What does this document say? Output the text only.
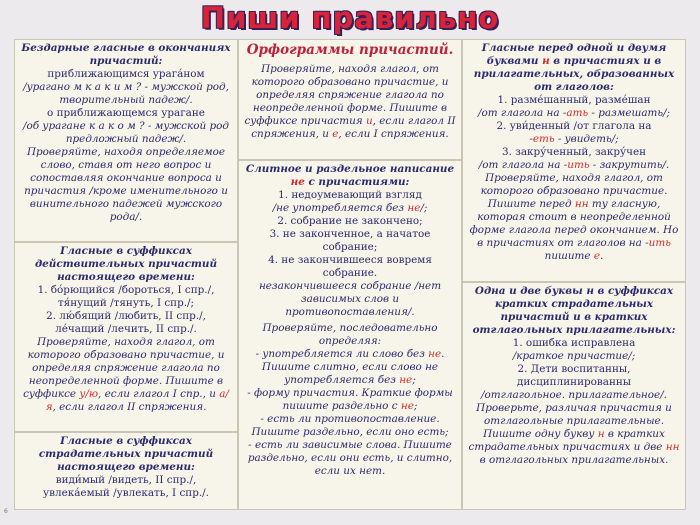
Пиши правильно

Бездарные гласные в окончаниях причастий:

приближающимся урага́ном

/урагано м к а к и м ? - мужской род, творительный падеж/.

о приближающемся урагане

/об урагане к а к о м ? - мужской род предложный падеж/.

Проверяйте, находя определяемое слово, ставя от него вопрос и сопоставляя окончание вопроса и причастия /кроме именительного и винительного падежей мужского рода/.

Гласные в суффиксах действительных причастий настоящего времени:

1. бо́рющийся /бороться, I спр./,

тя́нущий /тянуть, I спр./;

2. лю́бящий /любить, II спр./,

ле́чащий /лечить, II спр./.

Проверяйте, находя глагол, от которого образовано причастие, и определяя спряжение глагола по неопределенной форме. Пишите в суффиксе у/ю, если глагол I спр., и а/я, если глагол II спряжения.

Гласные в суффиксах страдательных причастий настоящего времени:

види́мый /видеть, II спр./,

увлека́емый /увлекать, I спр./.

Орфограммы причастий.

Проверяйте, находя глагол, от которого образовано причастие, и определяя спряжение глагола по неопределенной форме. Пишите в суффиксе причастия и, если глагол II спряжения, и е, если I спряжения.

Слитное и раздельное написание не с причастиями:

1. недоумевающий взгляд

/не употребляется без не/;

2. собрание не закончено;

3. не законченное, а начатое собрание;

4. не закончившееся вовремя собрание.

незакончившееся собрание /нет зависимых слов и противопоставления/.

Проверяйте, последовательно определяя:

- употребляется ли слово без не. Пишите слитно, если слово не употребляется без не;

- форму причастия. Краткие формы пишите раздельно с не;

- есть ли противопоставление. Пишите раздельно, если оно есть;

- есть ли зависимые слова. Пишите раздельно, если они есть, и слитно, если их нет.

Гласные перед одной и двумя буквами н в причастиях и в прилагательных, образованных от глаголов:

1. разме́шанный, разме́шан

/от глагола на -ать - размешать/;

2. уви́денный /от глагола на

-еть - увидеть/;

3. закру́ченный, закру́чен

/от глагола на -ить - закрутить/.

Проверяйте, находя глагол, от которого образовано причастие. Пишите перед нн ту гласную, которая стоит в неопределенной форме глагола перед окончанием. Но в причастиях от глаголов на -ить пишите е.

Одна и две буквы н в суффиксах кратких страдательных причастий и в кратких отглагольных прилагательных:

1. ошибка исправлена

/краткое причастие/;

2. Дети воспитанны,

дисциплинированны

/отглагольное. прилагательное/.

Проверьте, различая причастия и отглагольные прилагательные. Пишите одну букву н в кратких страдательных причастиях и две нн в отглагольных прилагательных.

6
